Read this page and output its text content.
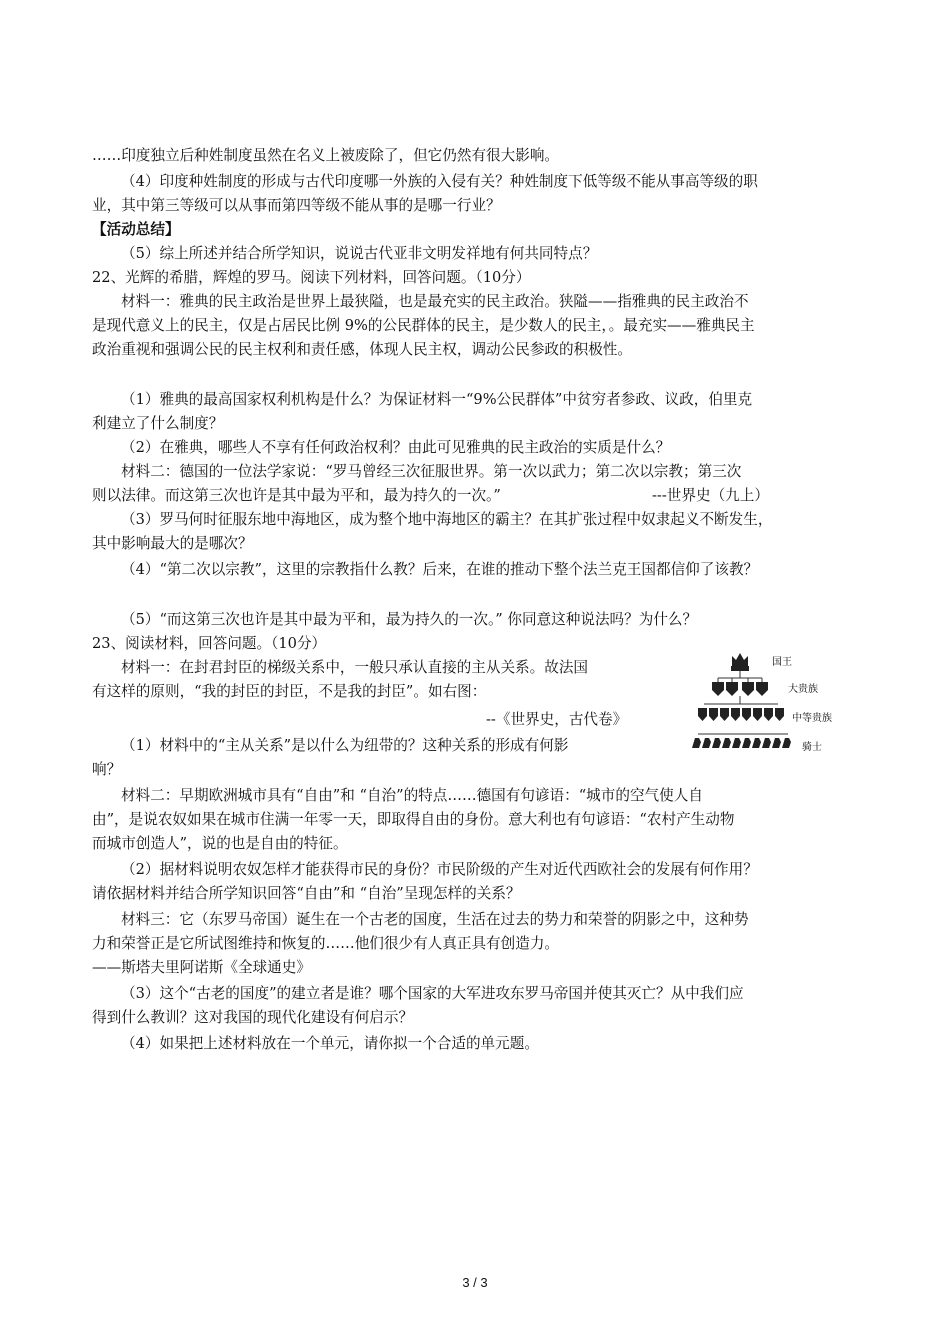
……印度独立后种姓制度虽然在名义上被废除了，但它仍然有很大影响。
（4）印度种姓制度的形成与古代印度哪一外族的入侵有关？种姓制度下低等级不能从事高等级的职
业，其中第三等级可以从事而第四等级不能从事的是哪一行业？
【活动总结】
（5）综上所述并结合所学知识，说说古代亚非文明发祥地有何共同特点？
22、光辉的希腊，辉煌的罗马。阅读下列材料，回答问题。（10分）
材料一：雅典的民主政治是世界上最狭隘，也是最充实的民主政治。狭隘——指雅典的民主政治不
是现代意义上的民主，仅是占居民比例 9%的公民群体的民主，是少数人的民主，。最充实——雅典民主
政治重视和强调公民的民主权利和责任感，体现人民主权，调动公民参政的积极性。
（1）雅典的最高国家权利机构是什么？为保证材料一“9%公民群体”中贫穷者参政、议政，伯里克
利建立了什么制度？
（2）在雅典，哪些人不享有任何政治权利？由此可见雅典的民主政治的实质是什么？
材料二：德国的一位法学家说：“罗马曾经三次征服世界。第一次以武力；第二次以宗教；第三次
则以法律。而这第三次也许是其中最为平和，最为持久的一次。”	---世界史（九上）
（3）罗马何时征服东地中海地区，成为整个地中海地区的霸主？在其扩张过程中奴隶起义不断发生，
其中影响最大的是哪次？
（4）“第二次以宗教”，这里的宗教指什么教？后来，在谁的推动下整个法兰克王国都信仰了该教？
（5）“而这第三次也许是其中最为平和，最为持久的一次。” 你同意这种说法吗？为什么？
23、阅读材料，回答问题。（10分）
材料一：在封君封臣的梯级关系中，一般只承认直接的主从关系。故法国
有这样的原则，“我的封臣的封臣，不是我的封臣”。如右图：
--《世界史，古代卷》
（1）材料中的“主从关系”是以什么为纽带的？这种关系的形成有何影
响？
材料二：早期欧洲城市具有“自由”和 “自治”的特点……德国有句谚语：“城市的空气使人自
由”，是说农奴如果在城市住满一年零一天，即取得自由的身份。意大利也有句谚语：“农村产生动物
而城市创造人”，说的也是自由的特征。
（2）据材料说明农奴怎样才能获得市民的身份？市民阶级的产生对近代西欧社会的发展有何作用？
请依据材料并结合所学知识回答“自由”和 “自治”呈现怎样的关系？
材料三：它（东罗马帝国）诞生在一个古老的国度，生活在过去的势力和荣誉的阴影之中，这种势
力和荣誉正是它所试图维持和恢复的……他们很少有人真正具有创造力。
——斯塔夫里阿诺斯《全球通史》
（3）这个“古老的国度”的建立者是谁？哪个国家的大军进攻东罗马帝国并使其灭亡？从中我们应
得到什么教训？这对我国的现代化建设有何启示？
（4）如果把上述材料放在一个单元，请你拟一个合适的单元题。
国王
大贵族
中等贵族
骑士
3 / 3
